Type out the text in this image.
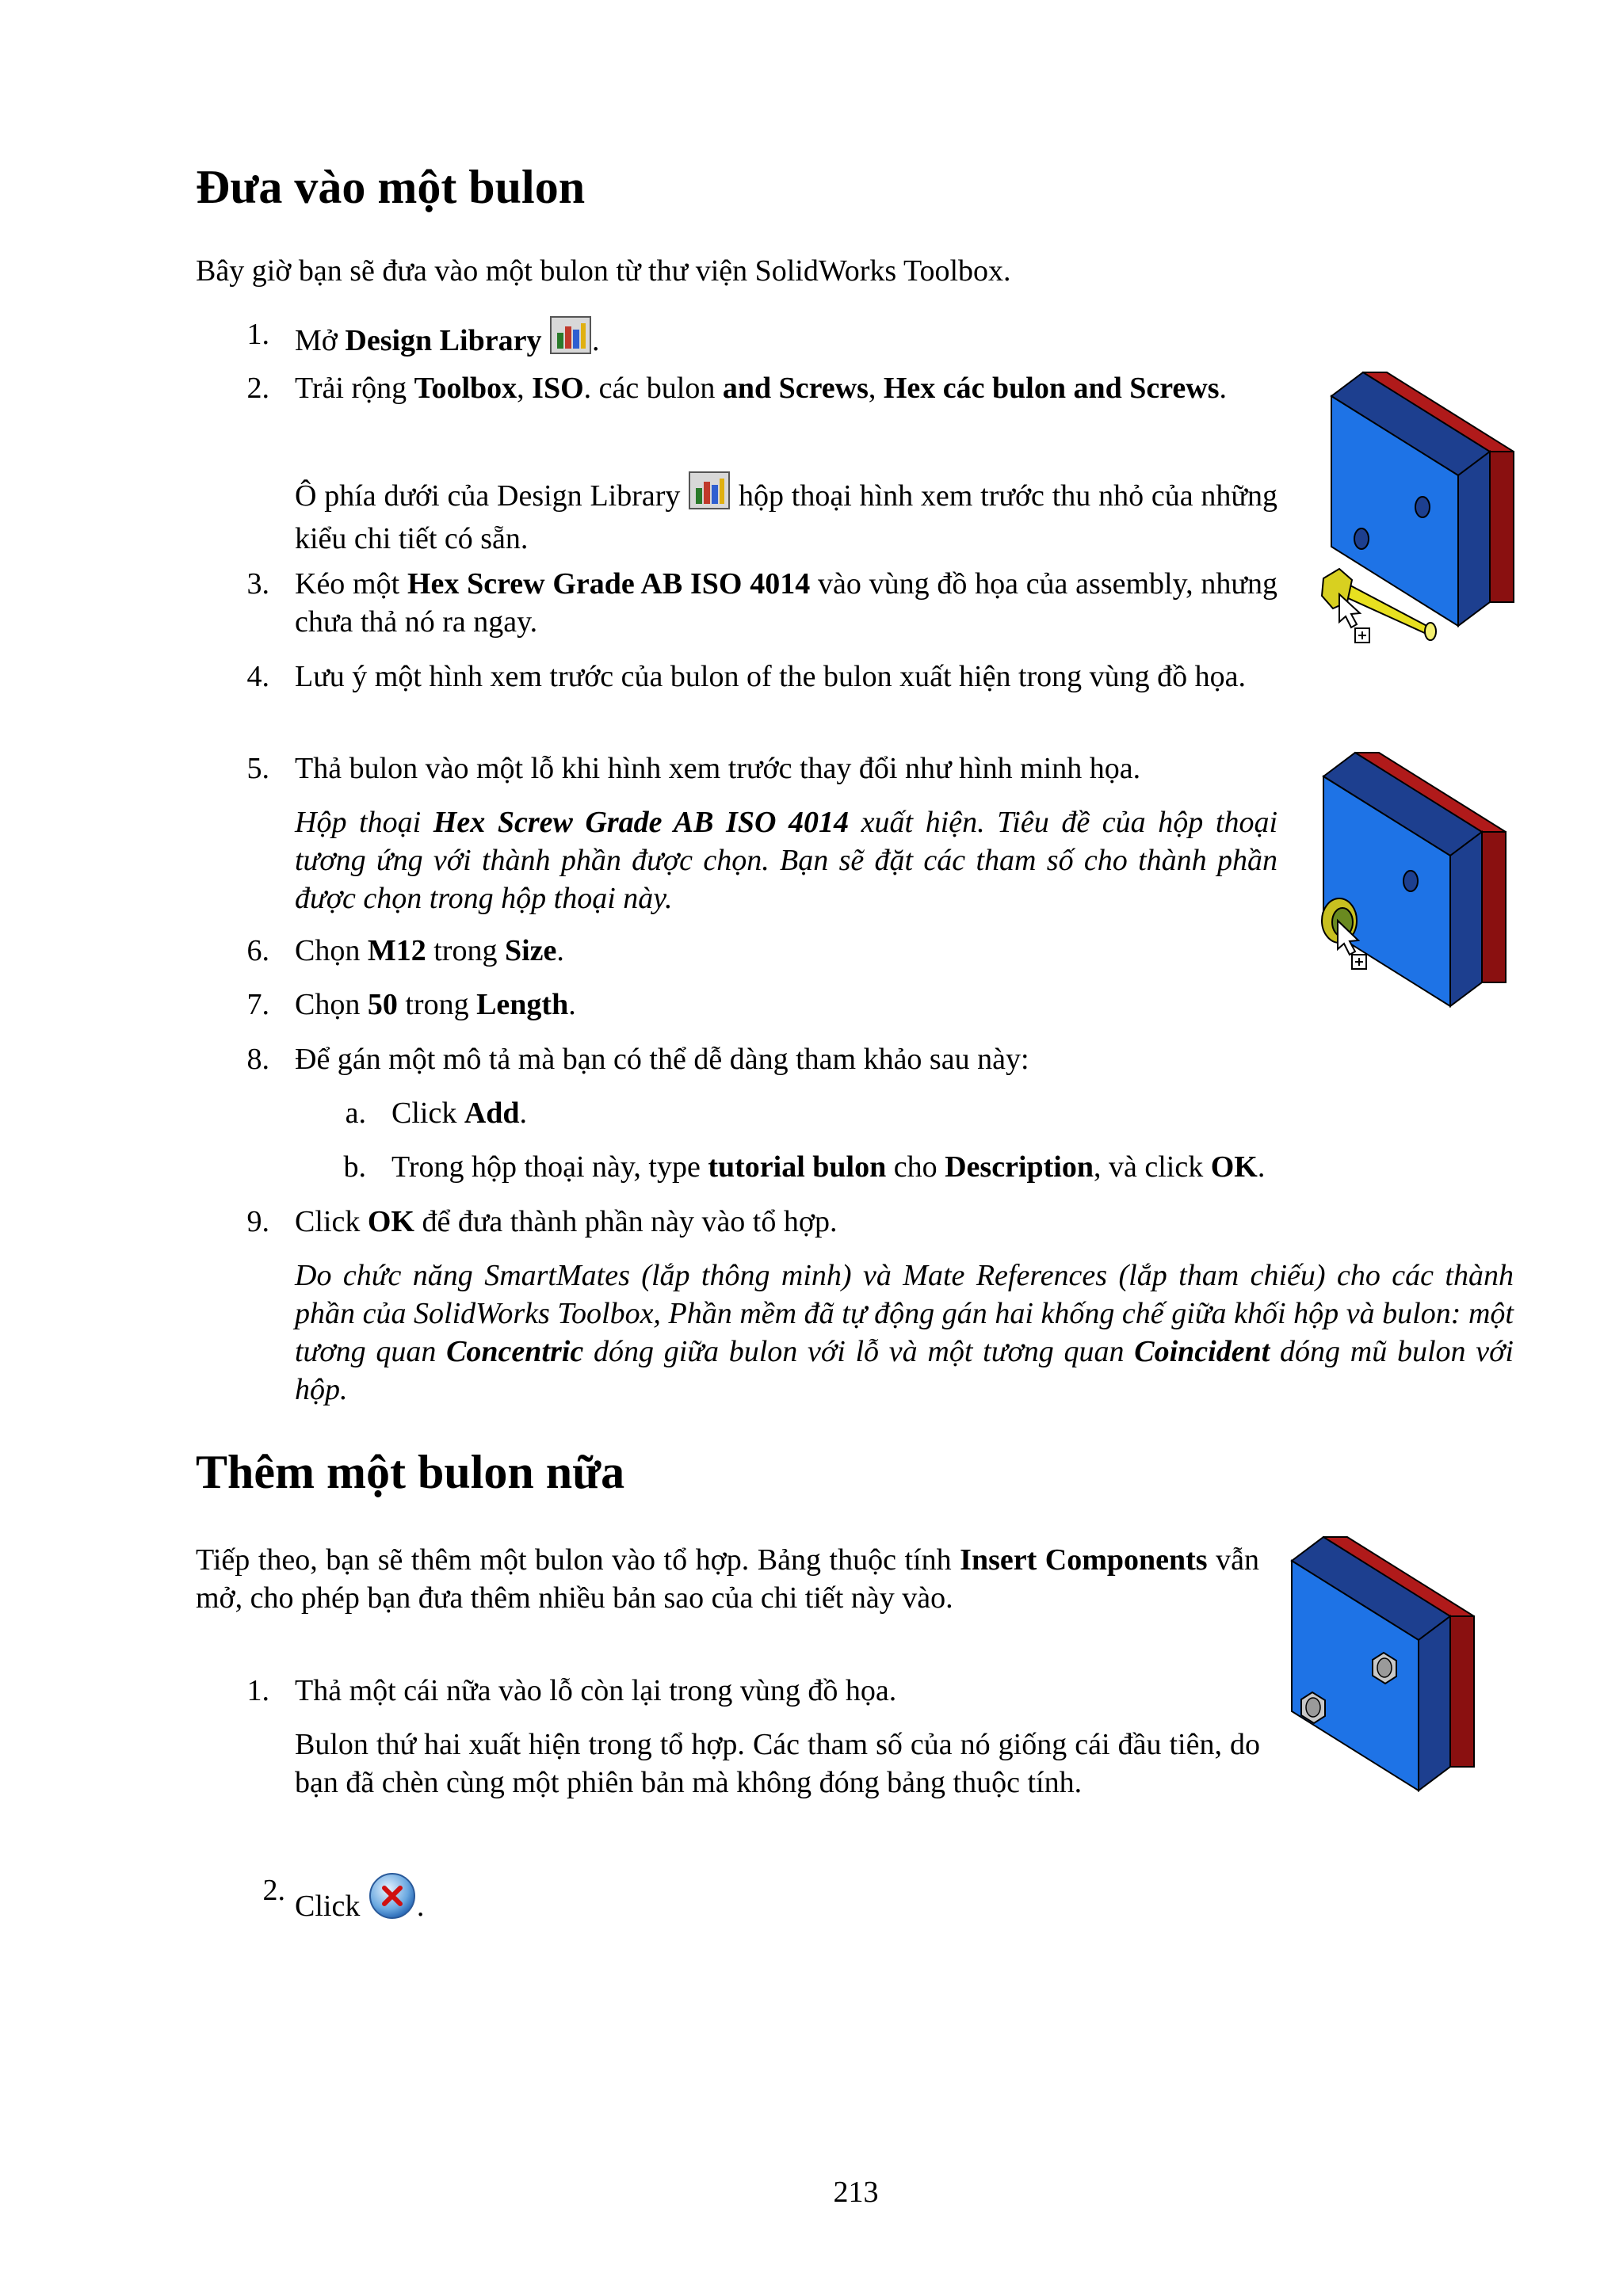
Đưa vào một bulon

Bây giờ bạn sẽ đưa vào một bulon từ thư viện SolidWorks Toolbox.

1. Mở Design Library .

2. Trải rộng Toolbox, ISO. các bulon and Screws, Hex các bulon and Screws.

Ô phía dưới của Design Library  hộp thoại hình xem trước thu nhỏ của những kiểu chi tiết có sẵn.

3. Kéo một Hex Screw Grade AB ISO 4014 vào vùng đồ họa của assembly, nhưng chưa thả nó ra ngay.

4. Lưu ý một hình xem trước của bulon of the bulon xuất hiện trong vùng đồ họa.

5. Thả bulon vào một lỗ khi hình xem trước thay đổi như hình minh họa.

Hộp thoại Hex Screw Grade AB ISO 4014 xuất hiện. Tiêu đề của hộp thoại tương ứng với thành phần được chọn. Bạn sẽ đặt các tham số cho thành phần được chọn trong hộp thoại này.

6. Chọn M12 trong Size.

7. Chọn 50 trong Length.

8. Để gán một mô tả mà bạn có thể dễ dàng tham khảo sau này:

a. Click Add.

b. Trong hộp thoại này, type tutorial bulon cho Description, và click OK.

9. Click OK để đưa thành phần này vào tổ hợp.

Do chức năng SmartMates (lắp thông minh) và Mate References (lắp tham chiếu) cho các thành phần của SolidWorks Toolbox, Phần mềm đã tự động gán hai khống chế giữa khối hộp và bulon: một tương quan Concentric dóng giữa bulon với lỗ và một tương quan Coincident dóng mũ bulon với hộp.

Thêm một bulon nữa

Tiếp theo, bạn sẽ thêm một bulon vào tổ hợp. Bảng thuộc tính Insert Components vẫn mở, cho phép bạn đưa thêm nhiều bản sao của chi tiết này vào.

1. Thả một cái nữa vào lỗ còn lại trong vùng đồ họa.

Bulon thứ hai xuất hiện trong tổ hợp. Các tham số của nó giống cái đầu tiên, do bạn đã chèn cùng một phiên bản mà không đóng bảng thuộc tính.

2. Click .

213
